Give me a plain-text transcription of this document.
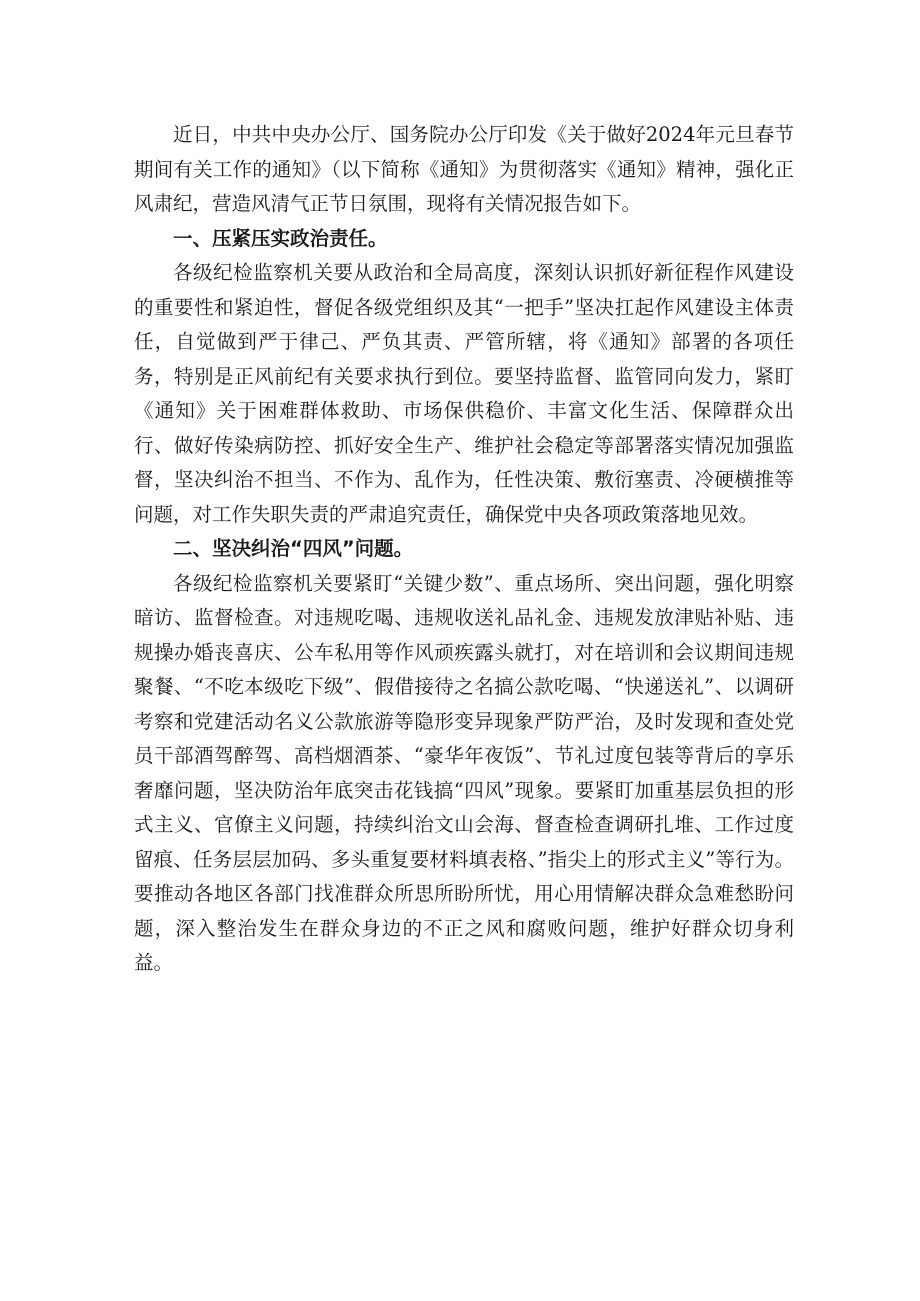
近日，中共中央办公厅、国务院办公厅印发《关于做好2024年元旦春节期间有关工作的通知》（以下简称《通知》为贯彻落实《通知》精神，强化正风肃纪，营造风清气正节日氛围，现将有关情况报告如下。

一、压紧压实政治责任。

各级纪检监察机关要从政治和全局高度，深刻认识抓好新征程作风建设的重要性和紧迫性，督促各级党组织及其“一把手”坚决扛起作风建设主体责任，自觉做到严于律己、严负其责、严管所辖，将《通知》部署的各项任务，特别是正风前纪有关要求执行到位。要坚持监督、监管同向发力，紧盯《通知》关于困难群体救助、市场保供稳价、丰富文化生活、保障群众出行、做好传染病防控、抓好安全生产、维护社会稳定等部署落实情况加强监督，坚决纠治不担当、不作为、乱作为，任性决策、敷衍塞责、冷硬横推等问题，对工作失职失责的严肃追究责任，确保党中央各项政策落地见效。

二、坚决纠治“四风”问题。

各级纪检监察机关要紧盯“关键少数”、重点场所、突出问题，强化明察暗访、监督检查。对违规吃喝、违规收送礼品礼金、违规发放津贴补贴、违规操办婚丧喜庆、公车私用等作风顽疾露头就打，对在培训和会议期间违规聚餐、“不吃本级吃下级”、假借接待之名搞公款吃喝、“快递送礼”、以调研考察和党建活动名义公款旅游等隐形变异现象严防严治，及时发现和查处党员干部酒驾醉驾、高档烟酒茶、“豪华年夜饭”、节礼过度包装等背后的享乐奢靡问题，坚决防治年底突击花钱搞“四风”现象。要紧盯加重基层负担的形式主义、官僚主义问题，持续纠治文山会海、督查检查调研扎堆、工作过度留痕、任务层层加码、多头重复要材料填表格、”指尖上的形式主义”等行为。要推动各地区各部门找准群众所思所盼所忧，用心用情解决群众急难愁盼问题，深入整治发生在群众身边的不正之风和腐败问题，维护好群众切身利益。
